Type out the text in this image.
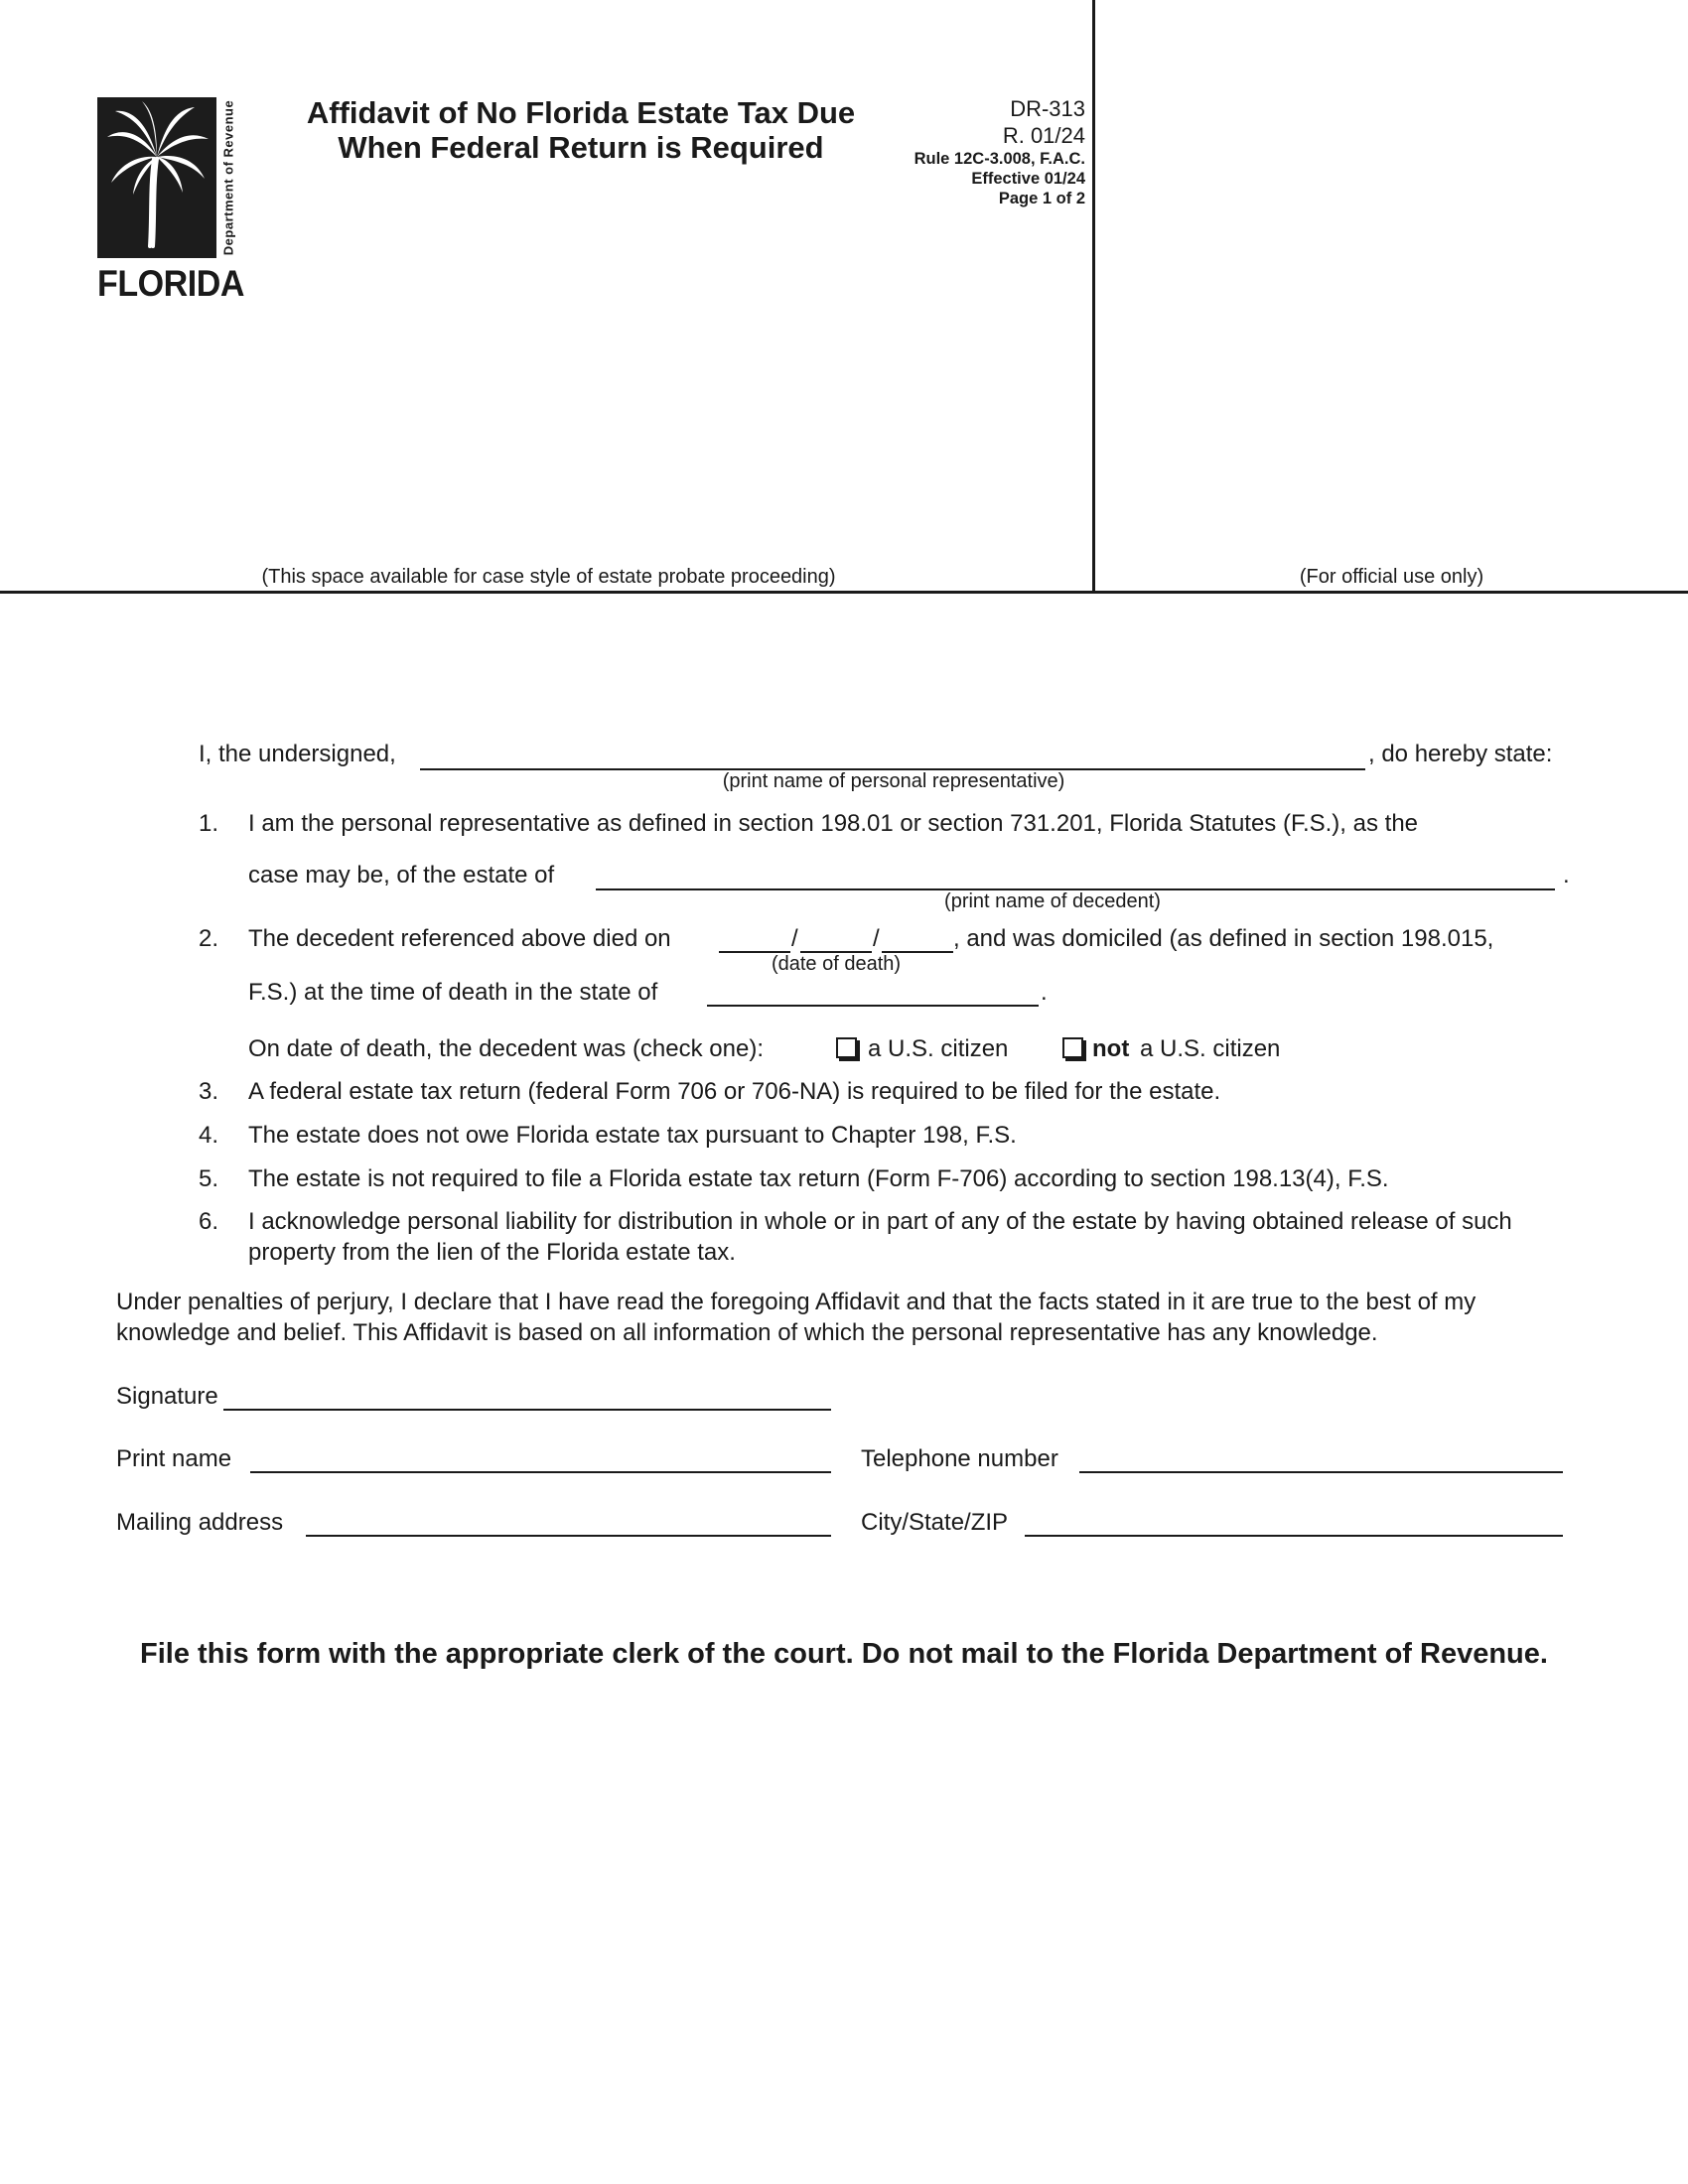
Department of Revenue
FLORIDA
Affidavit of No Florida Estate Tax Due
When Federal Return is Required
DR-313
R. 01/24
Rule 12C-3.008, F.A.C.
Effective 01/24
Page 1 of 2
(This space available for case style of estate probate proceeding)	(For official use only)
I, the undersigned,	, do hereby state:
(print name of personal representative)
1. I am the personal representative as defined in section 198.01 or section 731.201, Florida Statutes (F.S.), as the
case may be, of the estate of	.
(print name of decedent)
2. The decedent referenced above died on	/	/	, and was domiciled (as defined in section 198.015,
(date of death)
F.S.) at the time of death in the state of	.
On date of death, the decedent was (check one):	a U.S. citizen	not a U.S. citizen
3. A federal estate tax return (federal Form 706 or 706-NA) is required to be filed for the estate.
4. The estate does not owe Florida estate tax pursuant to Chapter 198, F.S.
5. The estate is not required to file a Florida estate tax return (Form F-706) according to section 198.13(4), F.S.
6. I acknowledge personal liability for distribution in whole or in part of any of the estate by having obtained release of such property from the lien of the Florida estate tax.
Under penalties of perjury, I declare that I have read the foregoing Affidavit and that the facts stated in it are true to the best of my knowledge and belief. This Affidavit is based on all information of which the personal representative has any knowledge.
Signature
Print name	Telephone number
Mailing address	City/State/ZIP
File this form with the appropriate clerk of the court. Do not mail to the Florida Department of Revenue.
